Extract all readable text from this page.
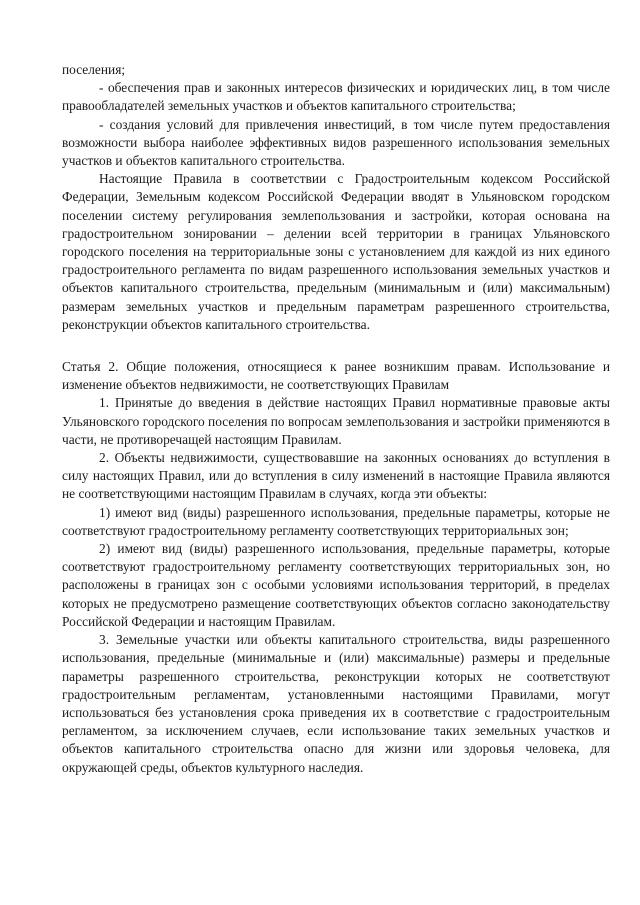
поселения;

- обеспечения прав и законных интересов физических и юридических лиц, в том числе правообладателей земельных участков и объектов капитального строительства;

- создания условий для привлечения инвестиций, в том числе путем предоставления возможности выбора наиболее эффективных видов разрешенного использования земельных участков и объектов капитального строительства.

Настоящие Правила в соответствии с Градостроительным кодексом Российской Федерации, Земельным кодексом Российской Федерации вводят в Ульяновском городском поселении систему регулирования землепользования и застройки, которая основана на градостроительном зонировании – делении всей территории в границах Ульяновского городского поселения на территориальные зоны с установлением для каждой из них единого градостроительного регламента по видам разрешенного использования земельных участков и объектов капитального строительства, предельным (минимальным и (или) максимальным) размерам земельных участков и предельным параметрам разрешенного строительства, реконструкции объектов капитального строительства.

Статья 2. Общие положения, относящиеся к ранее возникшим правам. Использование и изменение объектов недвижимости, не соответствующих Правилам

1. Принятые до введения в действие настоящих Правил нормативные правовые акты Ульяновского городского поселения по вопросам землепользования и застройки применяются в части, не противоречащей настоящим Правилам.

2. Объекты недвижимости, существовавшие на законных основаниях до вступления в силу настоящих Правил, или до вступления в силу изменений в настоящие Правила являются не соответствующими настоящим Правилам в случаях, когда эти объекты:

1) имеют вид (виды) разрешенного использования, предельные параметры, которые не соответствуют градостроительному регламенту соответствующих территориальных зон;

2) имеют вид (виды) разрешенного использования, предельные параметры, которые соответствуют градостроительному регламенту соответствующих территориальных зон, но расположены в границах зон с особыми условиями использования территорий, в пределах которых не предусмотрено размещение соответствующих объектов согласно законодательству Российской Федерации и настоящим Правилам.

3. Земельные участки или объекты капитального строительства, виды разрешенного использования, предельные (минимальные и (или) максимальные) размеры и предельные параметры разрешенного строительства, реконструкции которых не соответствуют градостроительным регламентам, установленными настоящими Правилами, могут использоваться без установления срока приведения их в соответствие с градостроительным регламентом, за исключением случаев, если использование таких земельных участков и объектов капитального строительства опасно для жизни или здоровья человека, для окружающей среды, объектов культурного наследия.
